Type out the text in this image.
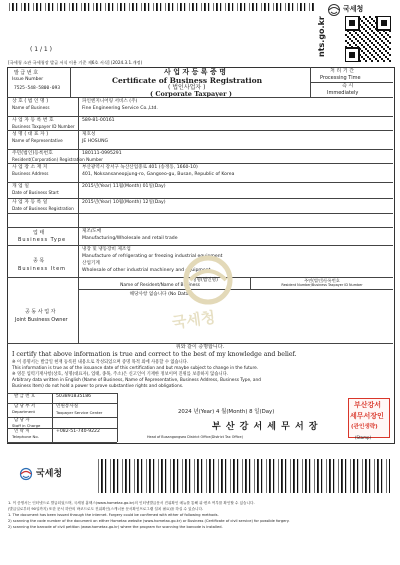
국세청
nts.go.kr
( 1 / 1 )
[국세청 소관 국세청장 발급 서식 이용 기준 제6호 서식] (2024.3.1.개정)
발 급 번 호
Issue Number
7525-548-5800-093
사 업 자 등 록 증 명
Certificate of Business Registration
( 법인사업자 )
( Corporate Taxpayer )
처 리 기 간
Processing Time
즉 시
Immediately
상 호 ( 법 인 명 )
Name of Business
파인엔지니어링 서비스 (주)
Fine Engineering Service Co.,Ltd.
사 업 자 등 록 번 호
Business Taxpayer ID Number
589-81-00161
성 명 ( 대 표 자 )
Name of Representative
제호성
JE HOSUNG
주민(법인)등록번호
Resident(Corporation) Registration Number
180111-0995291
사 업 장 소 재 지
Business Address
부산광역시 강서구 녹산산업중로 401 (송정동, 1660-10)
401, Noksansaneopjung-ro, Gangseo-gu, Busan, Republic of Korea
개 업 일
Date of Business Start
2015년(Year) 11월(Month) 01일(Day)
사 업 자 등 록 일
Date of Business Registration
2015년(Year) 10월(Month) 12일(Day)
업 태
Business Type
제조/도매
Manufacturing/Wholesale and retail trade
종 목
Business Item
냉장 및 냉동장비 제조업
Manufacture of refrigerating or freezing industrial equipment
산업기계
Wholesale of other industrial machinery and equipment
성명(법인명)
Name of Resident/Name of Business
주민(법인)등록번호
Resident Number/Business Taxpayer ID Number
해당사항 없습니다 (No Data)
공 동 사 업 자
Joint Business Owner	국세청
위와 같이 증명합니다.
I certify that above information is true and correct to the best of my knowledge and belief.
※ 이 증명서는 발급일 현재 등록된 내용으로 작성되었으며 증명 목적 외에 사용할 수 없습니다.
This information is true as of the issuance date of this certification and but maybe subject to change in the future.
※ 영문 입력기재사항(상호, 성명(대표자), 업태, 종목, 주소)은 신고인이 기재한 정보이며 진위를 보증하지 않습니다.
Arbitrary data written in English (Name of Business, Name of Representative, Business Address, Business Type, and
Business Item) do not hold a power to prove substantive rights and obligations.
발 급 번 호	503891835186
담 당 부 서
Department
민원봉사실
Taxpayer Service Center
담 당 자
Staff in Charge
연 락 처
Telephone No.
+082-51-740-9222
2024 년(Year) 4 월(Month) 8 일(Day)
부 산 강 서 세 무 서 장
Head of Busangangseo District Office(District Tax Office)
부산강서
세무서장인
(관인생략)
(Stamp)
국세청
1. 이 증명서는 인터넷으로 발급되었으며, 국세청 홈택스(www.hometax.go.kr)의 인터넷발급문서 진위확인 메뉴를 통해 위·변조 여부를 확인할 수 있습니다.
(발급일로부터 90일까지) 또한 문서 하단의 바코드로도 진위확인(스캐너용 문서확인프로그램 설치 필요)을 하실 수 있습니다.
1. The document has been issued through the internet. Forgery could be confirmed with either of following methods.
2) scanning the code number of the document on either Hometax website (www.hometax.go.kr) or Business (Certificate of civil service) for possible forgery.
2) scanning the barcode of civil petition (www.hometax.go.kr) where the program for scanning the barcode is installed.
